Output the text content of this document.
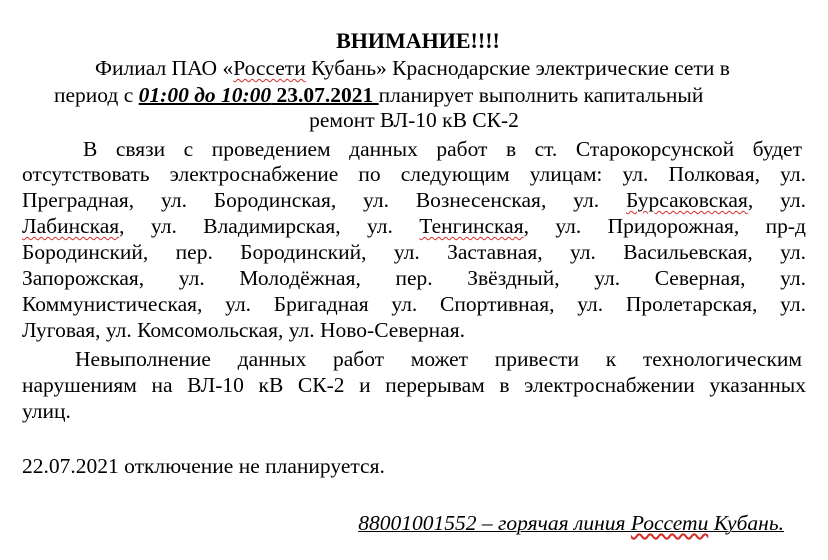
ВНИМАНИЕ!!!!
Филиал ПАО «Россети Кубань» Краснодарские электрические сети в
период с 01:00 до 10:00 23.07.2021 планирует выполнить капитальный
ремонт ВЛ-10 кВ СК-2
В связи с проведением данных работ в ст. Старокорсунской будет
отсутствовать электроснабжение по следующим улицам: ул. Полковая, ул.
Преградная, ул. Бородинская, ул. Вознесенская, ул. Бурсаковская, ул.
Лабинская, ул. Владимирская, ул. Тенгинская, ул. Придорожная, пр-д
Бородинский, пер. Бородинский, ул. Заставная, ул. Васильевская, ул.
Запорожская, ул. Молодёжная, пер. Звёздный, ул. Северная, ул.
Коммунистическая, ул. Бригадная ул. Спортивная, ул. Пролетарская, ул.
Луговая, ул. Комсомольская, ул. Ново-Северная.
Невыполнение данных работ может привести к технологическим
нарушениям на ВЛ-10 кВ СК-2 и перерывам в электроснабжении указанных
улиц.
22.07.2021 отключение не планируется.
88001001552 – горячая линия Россети Кубань.
